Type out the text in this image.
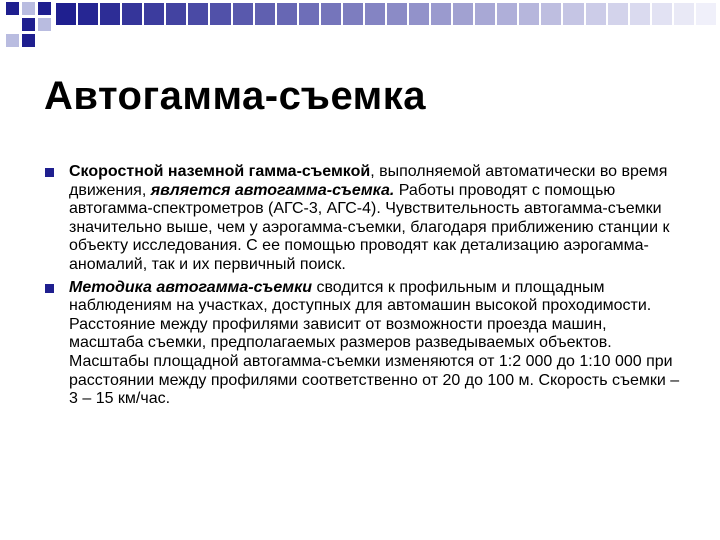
Автогамма-съемка
Скоростной наземной гамма-съемкой, выполняемой автоматически во время движения, является автогамма-съемка. Работы проводят с помощью автогамма-спектрометров (АГС-3, АГС-4). Чувствительность автогамма-съемки значительно выше, чем у аэрогамма-съемки, благодаря приближению станции к объекту исследования. С ее помощью проводят как детализацию аэрогамма-аномалий, так и их первичный поиск.
Методика автогамма-съемки сводится к профильным и площадным наблюдениям на участках, доступных для автомашин высокой проходимости. Расстояние между профилями зависит от возможности проезда машин, масштаба съемки, предполагаемых размеров разведываемых объектов. Масштабы площадной автогамма-съемки изменяются от 1:2 000 до 1:10 000 при расстоянии между профилями соответственно от 20 до 100 м. Скорость съемки – 3 – 15 км/час.
